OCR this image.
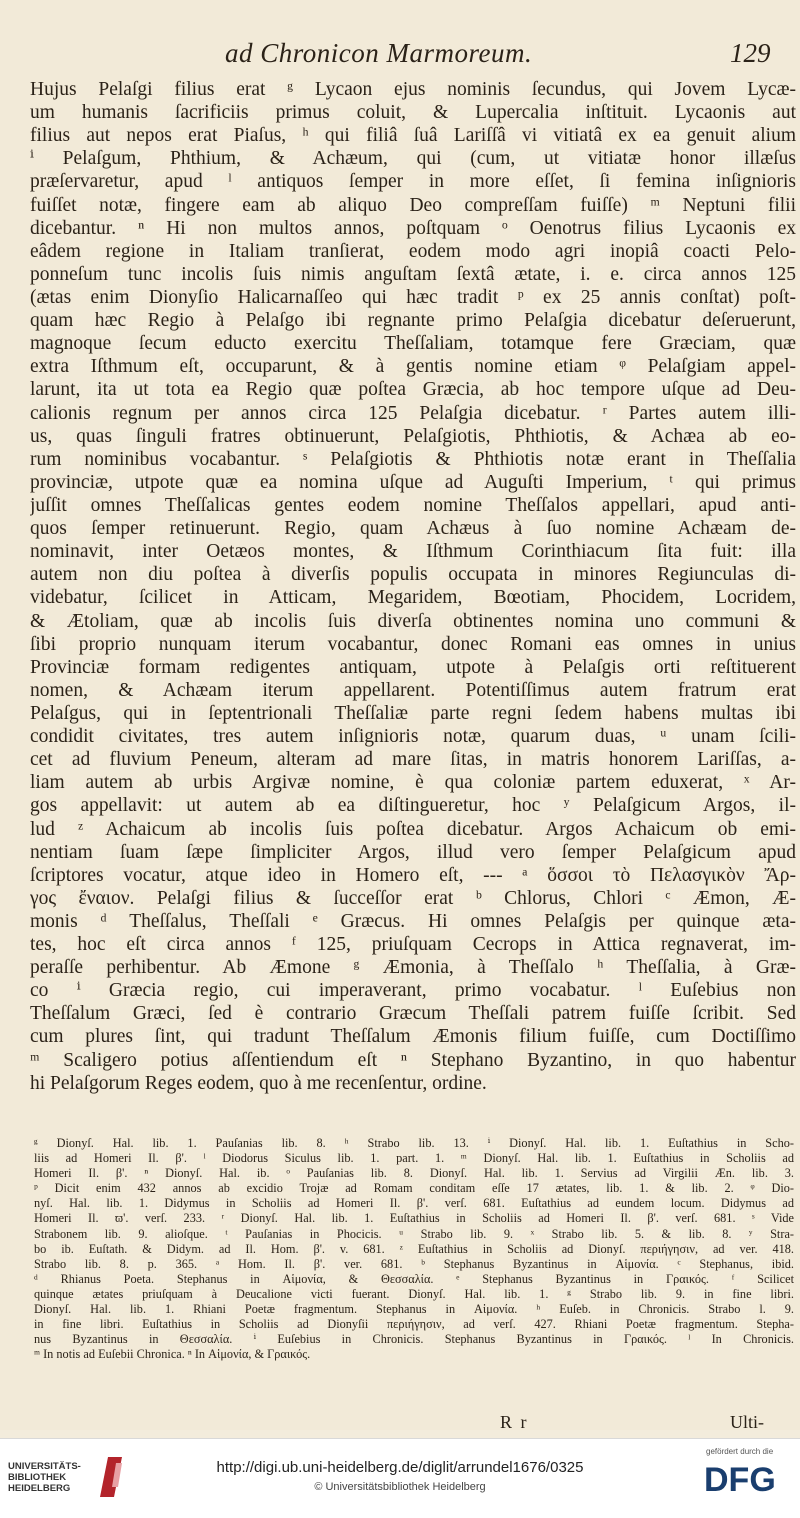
ad Chronicon Marmoreum.	129
Hujus Pelaſgi filius erat ᵍ Lycaon ejus nominis ſecundus, qui Jovem Lycæ-
um humanis ſacrificiis primus coluit, & Lupercalia inſtituit. Lycaonis aut
filius aut nepos erat Piaſus, ʰ qui filiâ ſuâ Lariſſâ vi vitiatâ ex ea genuit alium
ⁱ Pelaſgum, Phthium, & Achæum, qui (cum, ut vitiatæ honor illæſus
præſervaretur, apud ˡ antiquos ſemper in more eſſet, ſi femina inſignioris
fuiſſet notæ, fingere eam ab aliquo Deo compreſſam fuiſſe) ᵐ Neptuni filii
dicebantur. ⁿ Hi non multos annos, poſtquam ᵒ Oenotrus filius Lycaonis ex
eâdem regione in Italiam tranſierat, eodem modo agri inopiâ coacti Pelo-
ponneſum tunc incolis ſuis nimis anguſtam ſextâ ætate, i. e. circa annos 125
(ætas enim Dionyſio Halicarnaſſeo qui hæc tradit ᵖ ex 25 annis conſtat) poſt-
quam hæc Regio à Pelaſgo ibi regnante primo Pelaſgia dicebatur deſeruerunt,
magnoque ſecum educto exercitu Theſſaliam, totamque fere Græciam, quæ
extra Iſthmum eſt, occuparunt, & à gentis nomine etiam ᵠ Pelaſgiam appel-
larunt, ita ut tota ea Regio quæ poſtea Græcia, ab hoc tempore uſque ad Deu-
calionis regnum per annos circa 125 Pelaſgia dicebatur. ʳ Partes autem illi-
us, quas ſinguli fratres obtinuerunt, Pelaſgiotis, Phthiotis, & Achæa ab eo-
rum nominibus vocabantur. ˢ Pelaſgiotis & Phthiotis notæ erant in Theſſalia
provinciæ, utpote quæ ea nomina uſque ad Auguſti Imperium, ᵗ qui primus
juſſit omnes Theſſalicas gentes eodem nomine Theſſalos appellari, apud anti-
quos ſemper retinuerunt. Regio, quam Achæus à ſuo nomine Achæam de-
nominavit, inter Oetæos montes, & Iſthmum Corinthiacum ſita fuit: illa
autem non diu poſtea à diverſis populis occupata in minores Regiunculas di-
videbatur, ſcilicet in Atticam, Megaridem, Bœotiam, Phocidem, Locridem,
& Ætoliam, quæ ab incolis ſuis diverſa obtinentes nomina uno communi &
ſibi proprio nunquam iterum vocabantur, donec Romani eas omnes in unius
Provinciæ formam redigentes antiquam, utpote à Pelaſgis orti reſtituerent
nomen, & Achæam iterum appellarent. Potentiſſimus autem fratrum erat
Pelaſgus, qui in ſeptentrionali Theſſaliæ parte regni ſedem habens multas ibi
condidit civitates, tres autem inſignioris notæ, quarum duas, ᵘ unam ſcili-
cet ad fluvium Peneum, alteram ad mare ſitas, in matris honorem Lariſſas, a-
liam autem ab urbis Argivæ nomine, è qua coloniæ partem eduxerat, ˣ Ar-
gos appellavit: ut autem ab ea diſtingueretur, hoc ʸ Pelaſgicum Argos, il-
lud ᶻ Achaicum ab incolis ſuis poſtea dicebatur. Argos Achaicum ob emi-
nentiam ſuam ſæpe ſimpliciter Argos, illud vero ſemper Pelaſgicum apud
ſcriptores vocatur, atque ideo in Homero eſt, --- ᵃ ὅσσοι τὸ Πελασγικὸν Ἄρ-
γος ἔναιον. Pelaſgi filius & ſucceſſor erat ᵇ Chlorus, Chlori ᶜ Æmon, Æ-
monis ᵈ Theſſalus, Theſſali ᵉ Græcus. Hi omnes Pelaſgis per quinque æta-
tes, hoc eſt circa annos ᶠ 125, priuſquam Cecrops in Attica regnaverat, im-
peraſſe perhibentur. Ab Æmone ᵍ Æmonia, à Theſſalo ʰ Theſſalia, à Græ-
co ⁱ Græcia regio, cui imperaverant, primo vocabatur. ˡ Euſebius non
Theſſalum Græci, ſed è contrario Græcum Theſſali patrem fuiſſe ſcribit. Sed
cum plures ſint, qui tradunt Theſſalum Æmonis filium fuiſſe, cum Doctiſſimo
ᵐ Scaligero potius aſſentiendum eſt ⁿ Stephano Byzantino, in quo habentur
hi Pelaſgorum Reges eodem, quo à me recenſentur, ordine.
ᵍ Dionyſ. Hal. lib. 1. Pauſanias lib. 8. ʰ Strabo lib. 13. ⁱ Dionyſ. Hal. lib. 1. Euſtathius in Scho-
liis ad Homeri Il. β'. ˡ Diodorus Siculus lib. 1. part. 1. ᵐ Dionyſ. Hal. lib. 1. Euſtathius in Scholiis ad
Homeri Il. β'. ⁿ Dionyſ. Hal. ib. ᵒ Pauſanias lib. 8. Dionyſ. Hal. lib. 1. Servius ad Virgilii Æn. lib. 3.
ᵖ Dicit enim 432 annos ab excidio Trojæ ad Romam conditam eſſe 17 ætates, lib. 1. & lib. 2. ᵠ Dio-
nyſ. Hal. lib. 1. Didymus in Scholiis ad Homeri Il. β'. verſ. 681. Euſtathius ad eundem locum. Didymus ad
Homeri Il. ϖ'. verſ. 233. ʳ Dionyſ. Hal. lib. 1. Euſtathius in Scholiis ad Homeri Il. β'. verſ. 681. ˢ Vide
Strabonem lib. 9. alioſque. ᵗ Pauſanias in Phocicis. ᵘ Strabo lib. 9. ˣ Strabo lib. 5. & lib. 8. ʸ Stra-
bo ib. Euſtath. & Didym. ad Il. Hom. β'. v. 681. ᶻ Euſtathius in Scholiis ad Dionyſ. περιήγησιν, ad ver. 418.
Strabo lib. 8. p. 365. ᵃ Hom. Il. β'. ver. 681. ᵇ Stephanus Byzantinus in Αἱμονία. ᶜ Stephanus, ibid.
ᵈ Rhianus Poeta. Stephanus in Αἱμονία, & Θεσσαλία. ᵉ Stephanus Byzantinus in Γραικός. ᶠ Scilicet
quinque ætates priuſquam à Deucalione victi fuerant. Dionyſ. Hal. lib. 1. ᵍ Strabo lib. 9. in fine libri.
Dionyſ. Hal. lib. 1. Rhiani Poetæ fragmentum. Stephanus in Αἱμονία. ʰ Euſeb. in Chronicis. Strabo l. 9.
in fine libri. Euſtathius in Scholiis ad Dionyſii περιήγησιν, ad verſ. 427. Rhiani Poetæ fragmentum. Stepha-
nus Byzantinus in Θεσσαλία. ⁱ Euſebius in Chronicis. Stephanus Byzantinus in Γραικός. ˡ In Chronicis.
ᵐ In notis ad Euſebii Chronica. ⁿ In Αἱμονία, & Γραικός.
R r	Ulti-
UNIVERSITÄTS-
BIBLIOTHEK
HEIDELBERG
http://digi.ub.uni-heidelberg.de/diglit/arrundel1676/0325
© Universitätsbibliothek Heidelberg
gefördert durch die
DFG
